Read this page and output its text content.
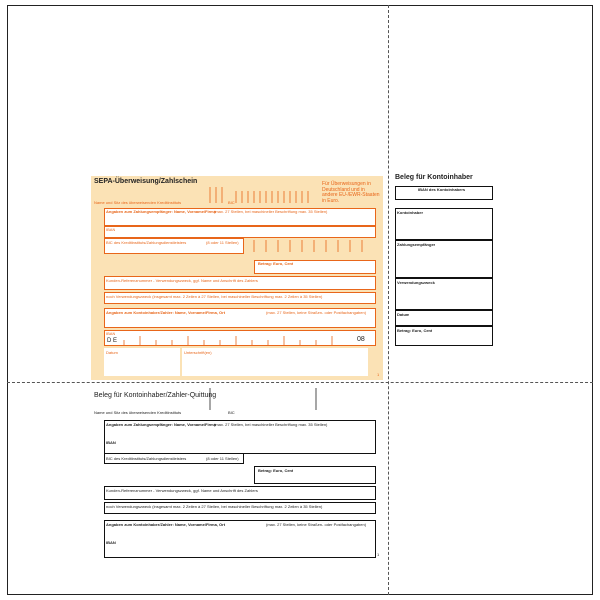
SEPA-Überweisung/Zahlschein
Name und Sitz des überweisenden Kreditinstituts	BIC
Für Überweisungen in Deutschland und in andere EU-/EWR-Staaten in Euro.
Angaben zum Zahlungsempfänger: Name, Vorname/Firma
(max. 27 Stellen, bei maschineller Beschriftung max. 35 Stellen)
IBAN
BIC des Kreditinstituts/Zahlungsdienstleisters	(8 oder 11 Stellen)
Betrag: Euro, Cent
Kunden-Referenznummer - Verwendungszweck, ggf. Name und Anschrift des Zahlers
noch Verwendungszweck (insgesamt max. 2 Zeilen à 27 Stellen, bei maschineller Beschriftung max. 2 Zeilen à 35 Stellen)
Angaben zum Kontoinhaber/Zahler: Name, Vorname/Firma, Ort	(max. 27 Stellen, keine Straßen- oder Postfachangaben)
IBAN
D E	08
Datum	Unterschrift(en)
1
Beleg für Kontoinhaber
IBAN des Kontoinhabers
Kontoinhaber
Zahlungsempfänger
Verwendungszweck
Datum
Betrag: Euro, Cent
Beleg für Kontoinhaber/Zahler-Quittung
Name und Sitz des überweisenden Kreditinstituts	BIC
Angaben zum Zahlungsempfänger: Name, Vorname/Firma
(max. 27 Stellen, bei maschineller Beschriftung max. 35 Stellen)
IBAN
BIC des Kreditinstituts/Zahlungsdienstleisters	(8 oder 11 Stellen)
Betrag: Euro, Cent
Kunden-Referenznummer - Verwendungszweck, ggf. Name und Anschrift des Zahlers
noch Verwendungszweck (insgesamt max. 2 Zeilen à 27 Stellen, bei maschineller Beschriftung max. 2 Zeilen à 35 Stellen)
Angaben zum Kontoinhaber/Zahler: Name, Vorname/Firma, Ort	(max. 27 Stellen, keine Straßen- oder Postfachangaben)
IBAN
1
